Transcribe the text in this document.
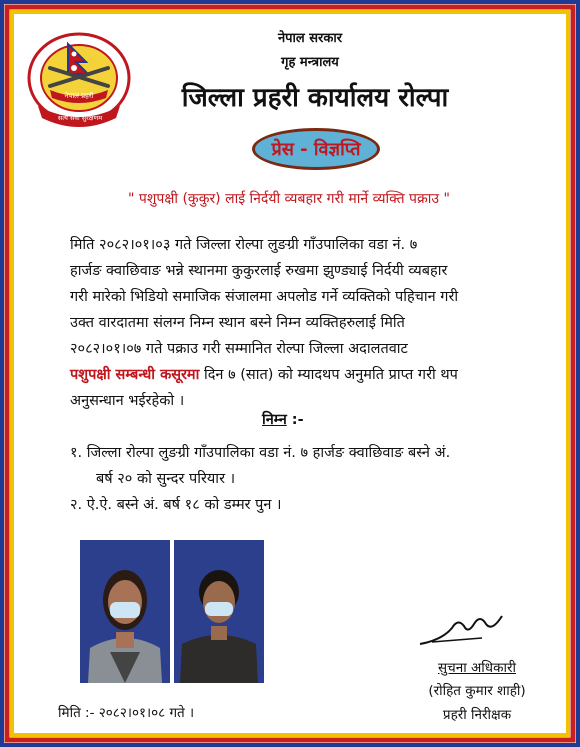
नेपाल प्रहरी
सत्य सेवा सुरक्षणम
नेपाल सरकार
गृह मन्त्रालय
जिल्ला प्रहरी कार्यालय रोल्पा
प्रेस - विज्ञप्ति
" पशुपक्षी (कुकुर) लाई निर्दयी व्यबहार गरी मार्ने व्यक्ति पक्राउ "
मिति २०८२।०१।०३ गते जिल्ला रोल्पा लुङग्री गाँउपालिका वडा नं. ७
हार्जङ क्वाछिवाङ भन्ने स्थानमा कुकुरलाई रुखमा झुण्ड्याई निर्दयी व्यबहार
गरी मारेको भिडियो समाजिक संजालमा अपलोड गर्ने व्यक्तिको पहिचान गरी
उक्त वारदातमा संलग्न निम्न स्थान बस्ने निम्न व्यक्तिहरुलाई मिति
२०८२।०१।०७ गते पक्राउ गरी सम्मानित रोल्पा जिल्ला अदालतवाट
पशुपक्षी सम्बन्धी कसूरमा दिन ७ (सात) को म्यादथप अनुमति प्राप्त गरी थप
अनुसन्धान भईरहेको ।
निम्न :-
१. जिल्ला रोल्पा लुङग्री गाँउपालिका वडा नं. ७ हार्जङ क्वाछिवाङ बस्ने अं.
बर्ष २० को सुन्दर परियार ।
२. ऐ.ऐ. बस्ने अं. बर्ष १८ को डम्मर पुन ।
सुचना अधिकारी
(रोहित कुमार शाही)
प्रहरी निरीक्षक
मिति :- २०८२।०१।०८ गते ।
